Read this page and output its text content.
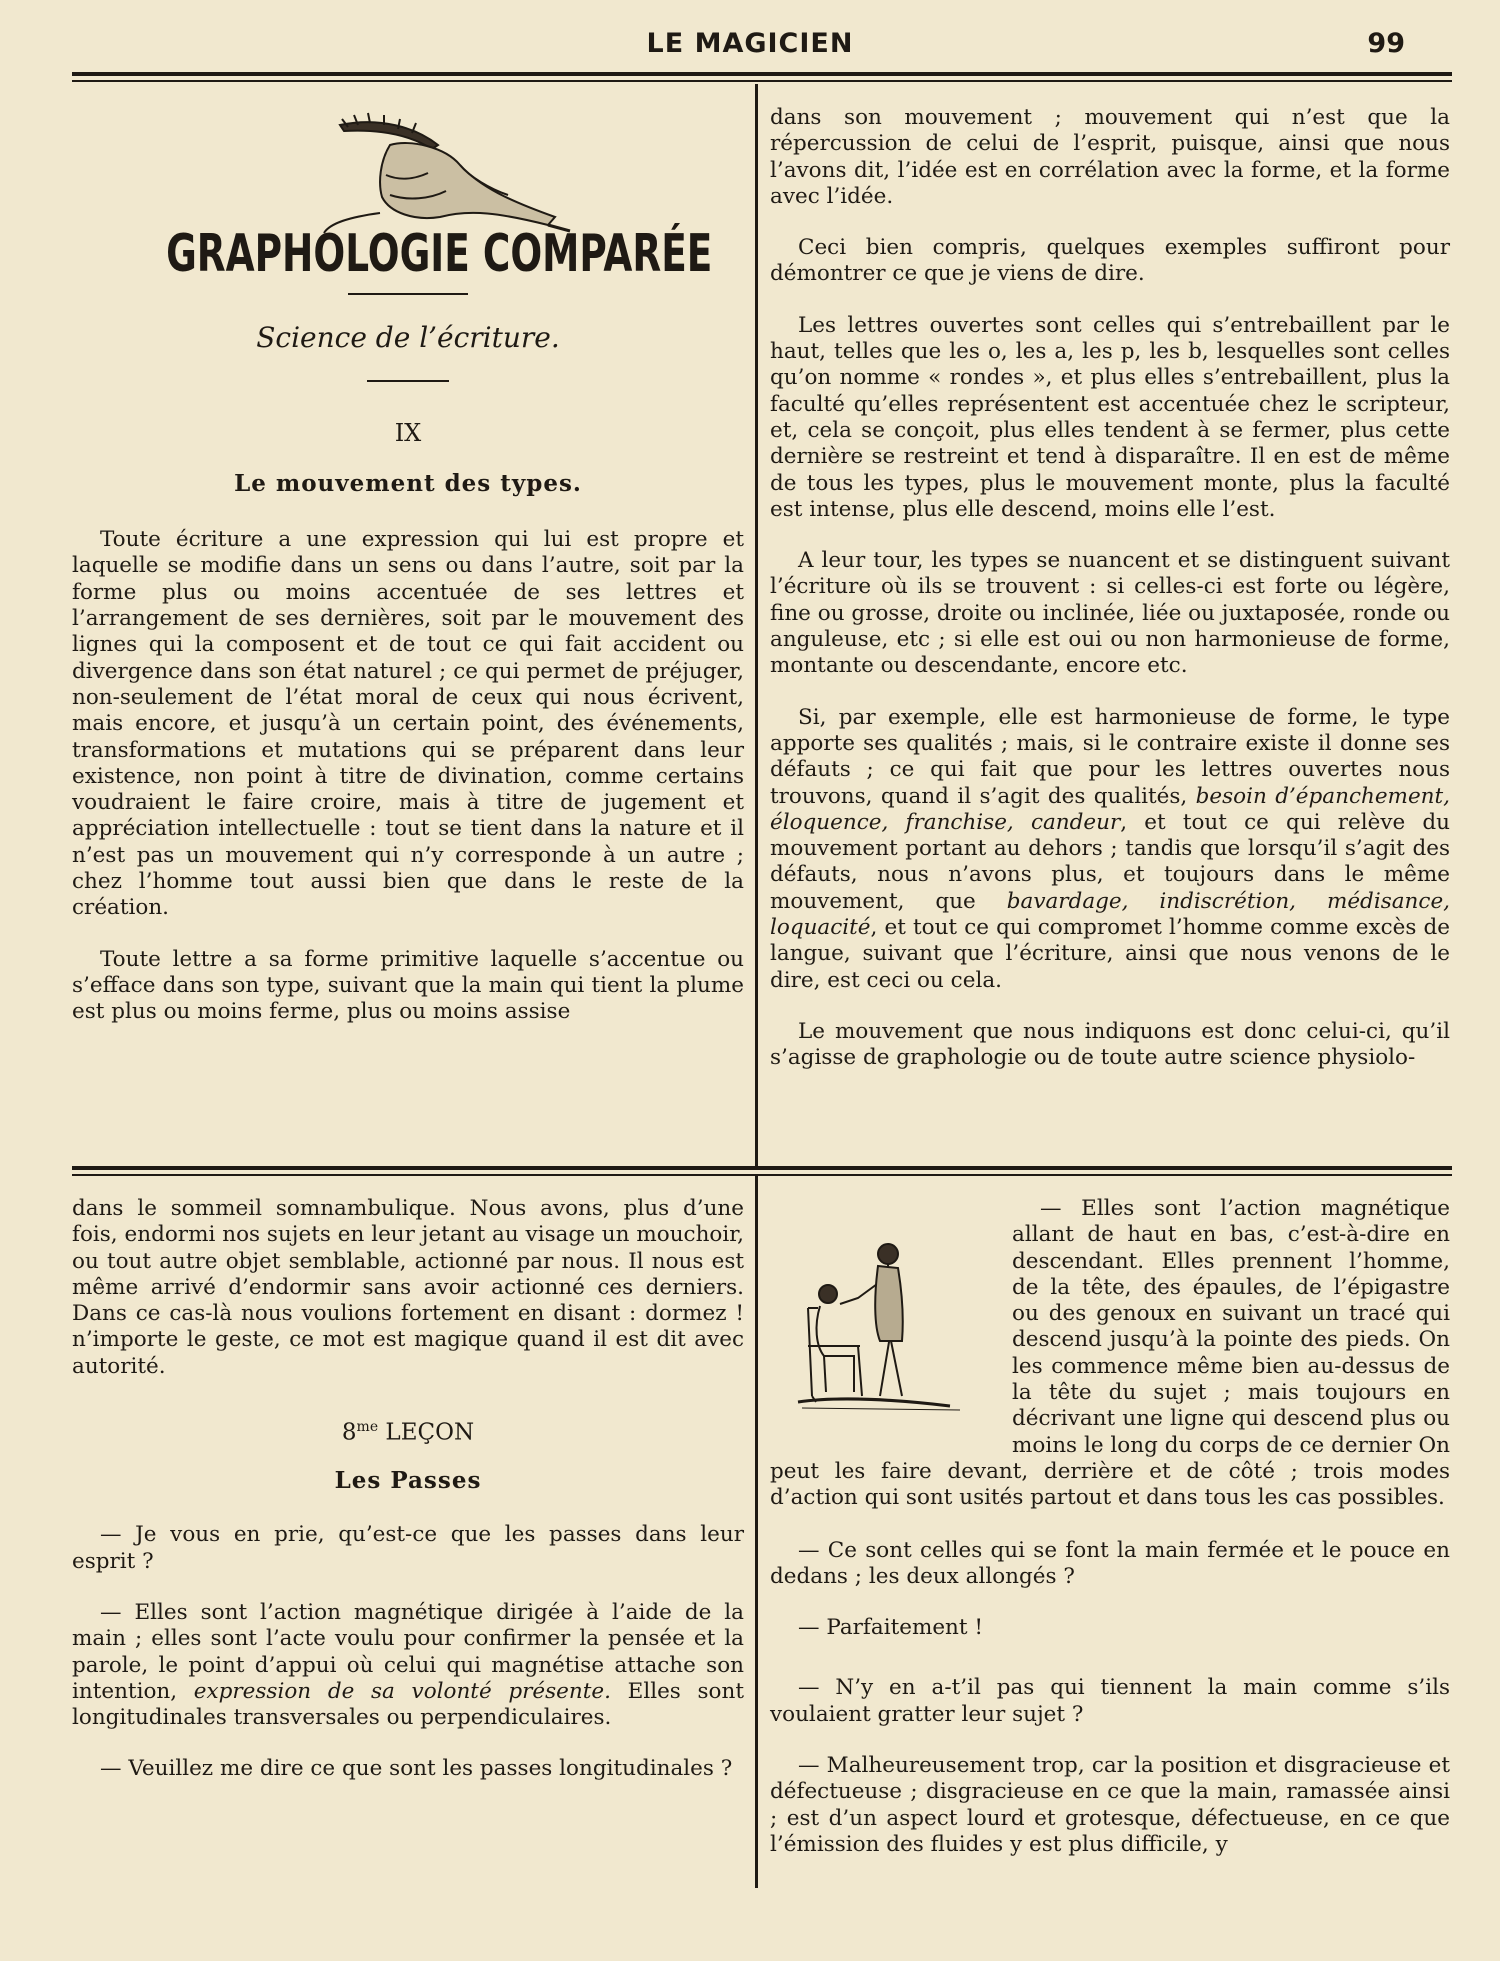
LE MAGICIEN	99

GRAPHOLOGIE COMPARÉE

Science de l’écriture.

IX

Le mouvement des types.

Toute écriture a une expression qui lui est propre et laquelle se modifie dans un sens ou dans l’autre, soit par la forme plus ou moins accentuée de ses lettres et l’arrangement de ses dernières, soit par le mouvement des lignes qui la composent et de tout ce qui fait accident ou divergence dans son état naturel ; ce qui permet de préjuger, non-seulement de l’état moral de ceux qui nous écrivent, mais encore, et jusqu’à un certain point, des événements, transformations et mutations qui se préparent dans leur existence, non point à titre de divination, comme certains voudraient le faire croire, mais à titre de jugement et appréciation intellectuelle : tout se tient dans la nature et il n’est pas un mouvement qui n’y corresponde à un autre ; chez l’homme tout aussi bien que dans le reste de la création.

Toute lettre a sa forme primitive laquelle s’accentue ou s’efface dans son type, suivant que la main qui tient la plume est plus ou moins ferme, plus ou moins assise

dans son mouvement ; mouvement qui n’est que la répercussion de celui de l’esprit, puisque, ainsi que nous l’avons dit, l’idée est en corrélation avec la forme, et la forme avec l’idée.

Ceci bien compris, quelques exemples suffiront pour démontrer ce que je viens de dire.

Les lettres ouvertes sont celles qui s’entrebaillent par le haut, telles que les o, les a, les p, les b, lesquelles sont celles qu’on nomme « rondes », et plus elles s’entrebaillent, plus la faculté qu’elles représentent est accentuée chez le scripteur, et, cela se conçoit, plus elles tendent à se fermer, plus cette dernière se restreint et tend à disparaître. Il en est de même de tous les types, plus le mouvement monte, plus la faculté est intense, plus elle descend, moins elle l’est.

A leur tour, les types se nuancent et se distinguent suivant l’écriture où ils se trouvent : si celles-ci est forte ou légère, fine ou grosse, droite ou inclinée, liée ou juxtaposée, ronde ou anguleuse, etc ; si elle est oui ou non harmonieuse de forme, montante ou descendante, encore etc.

Si, par exemple, elle est harmonieuse de forme, le type apporte ses qualités ; mais, si le contraire existe il donne ses défauts ; ce qui fait que pour les lettres ouvertes nous trouvons, quand il s’agit des qualités, besoin d’épanchement, éloquence, franchise, candeur, et tout ce qui relève du mouvement portant au dehors ; tandis que lorsqu’il s’agit des défauts, nous n’avons plus, et toujours dans le même mouvement, que bavardage, indiscrétion, médisance, loquacité, et tout ce qui compromet l’homme comme excès de langue, suivant que l’écriture, ainsi que nous venons de le dire, est ceci ou cela.

Le mouvement que nous indiquons est donc celui-ci, qu’il s’agisse de graphologie ou de toute autre science physiolo-

dans le sommeil somnambulique. Nous avons, plus d’une fois, endormi nos sujets en leur jetant au visage un mouchoir, ou tout autre objet semblable, actionné par nous. Il nous est même arrivé d’endormir sans avoir actionné ces derniers. Dans ce cas-là nous voulions fortement en disant : dormez ! n’importe le geste, ce mot est magique quand il est dit avec autorité.

$8^{me}$ LEÇON

Les Passes

— Je vous en prie, qu’est-ce que les passes dans leur esprit ?

— Elles sont l’action magnétique dirigée à l’aide de la main ; elles sont l’acte voulu pour confirmer la pensée et la parole, le point d’appui où celui qui magnétise attache son intention, expression de sa volonté présente. Elles sont longitudinales transversales ou perpendiculaires.

— Veuillez me dire ce que sont les passes longitudinales ?

— Elles sont l’action magnétique allant de haut en bas, c’est-à-dire en descendant. Elles prennent l’homme, de la tête, des épaules, de l’épigastre ou des genoux en suivant un tracé qui descend jusqu’à la pointe des pieds. On les commence même bien au-dessus de la tête du sujet ; mais toujours en décrivant une ligne qui descend plus ou moins le long du corps de ce dernier On peut les faire devant, derrière et de côté ; trois modes d’action qui sont usités partout et dans tous les cas possibles.

— Ce sont celles qui se font la main fermée et le pouce en dedans ; les deux allongés ?

— Parfaitement !

— N’y en a-t’il pas qui tiennent la main comme s’ils voulaient gratter leur sujet ?

— Malheureusement trop, car la position et disgracieuse et défectueuse ; disgracieuse en ce que la main, ramassée ainsi ; est d’un aspect lourd et grotesque, défectueuse, en ce que l’émission des fluides y est plus difficile, y
